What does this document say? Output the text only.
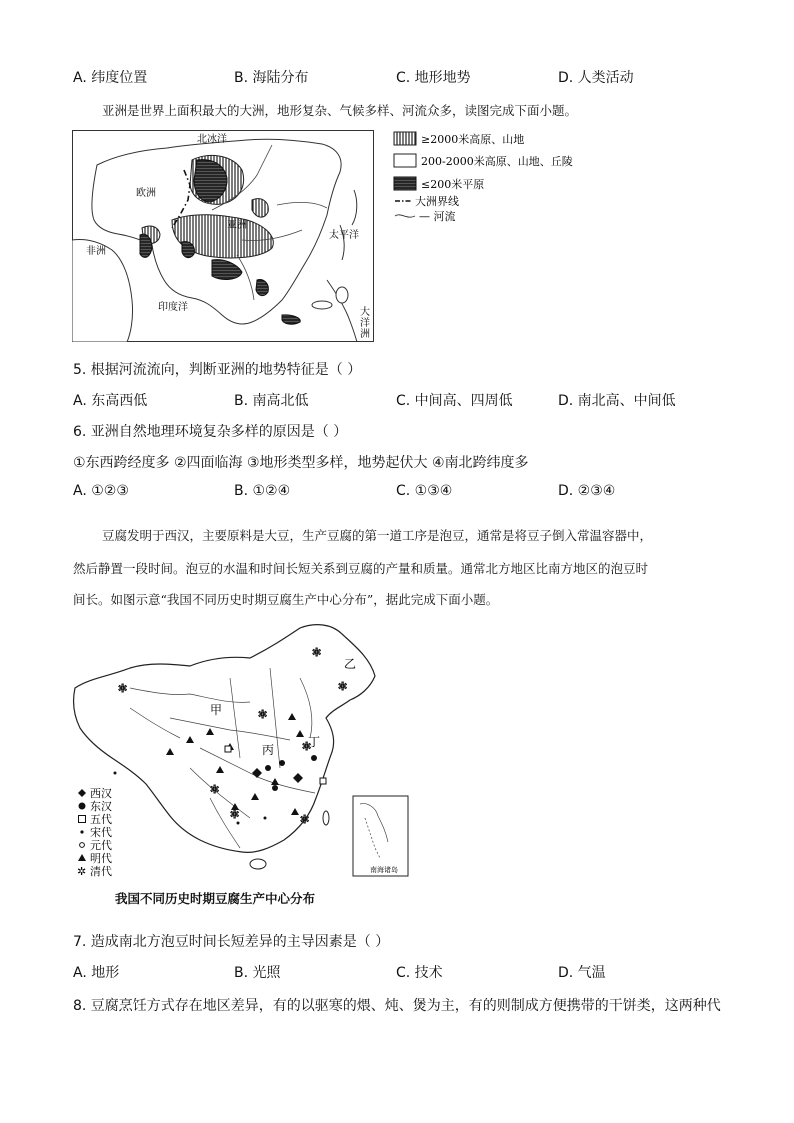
A. 纬度位置	B. 海陆分布	C. 地形地势	D. 人类活动
亚洲是世界上面积最大的大洲，地形复杂、气候多样、河流众多，读图完成下面小题。
北冰洋
欧洲
亚洲
非洲
太平洋
印度洋	大
洋
洲
≥2000米高原、山地
200-2000米高原、山地、丘陵
≤200米平原
大洲界线
— 河流
5. 根据河流流向，判断亚洲的地势特征是（ ）
A. 东高西低	B. 南高北低	C. 中间高、四周低	D. 南北高、中间低
6. 亚洲自然地理环境复杂多样的原因是（ ）
①东西跨经度多 ②四面临海 ③地形类型多样，地势起伏大 ④南北跨纬度多
A. ①②③	B. ①②④	C. ①③④	D. ②③④
豆腐发明于西汉，主要原料是大豆，生产豆腐的第一道工序是泡豆，通常是将豆子倒入常温容器中，
然后静置一段时间。泡豆的水温和时间长短关系到豆腐的产量和质量。通常北方地区比南方地区的泡豆时
间长。如图示意“我国不同历史时期豆腐生产中心分布”，据此完成下面小题。
✲
✲
✲
✲
✲
✲
✲	✲
甲
乙
丙
丁
南海诸岛
西汉
东汉
五代
宋代
元代
明代
✲ 清代
我国不同历史时期豆腐生产中心分布
7. 造成南北方泡豆时间长短差异的主导因素是（ ）
A. 地形	B. 光照	C. 技术	D. 气温
8. 豆腐烹饪方式存在地区差异，有的以驱寒的煨、炖、煲为主，有的则制成方便携带的干饼类，这两种代
